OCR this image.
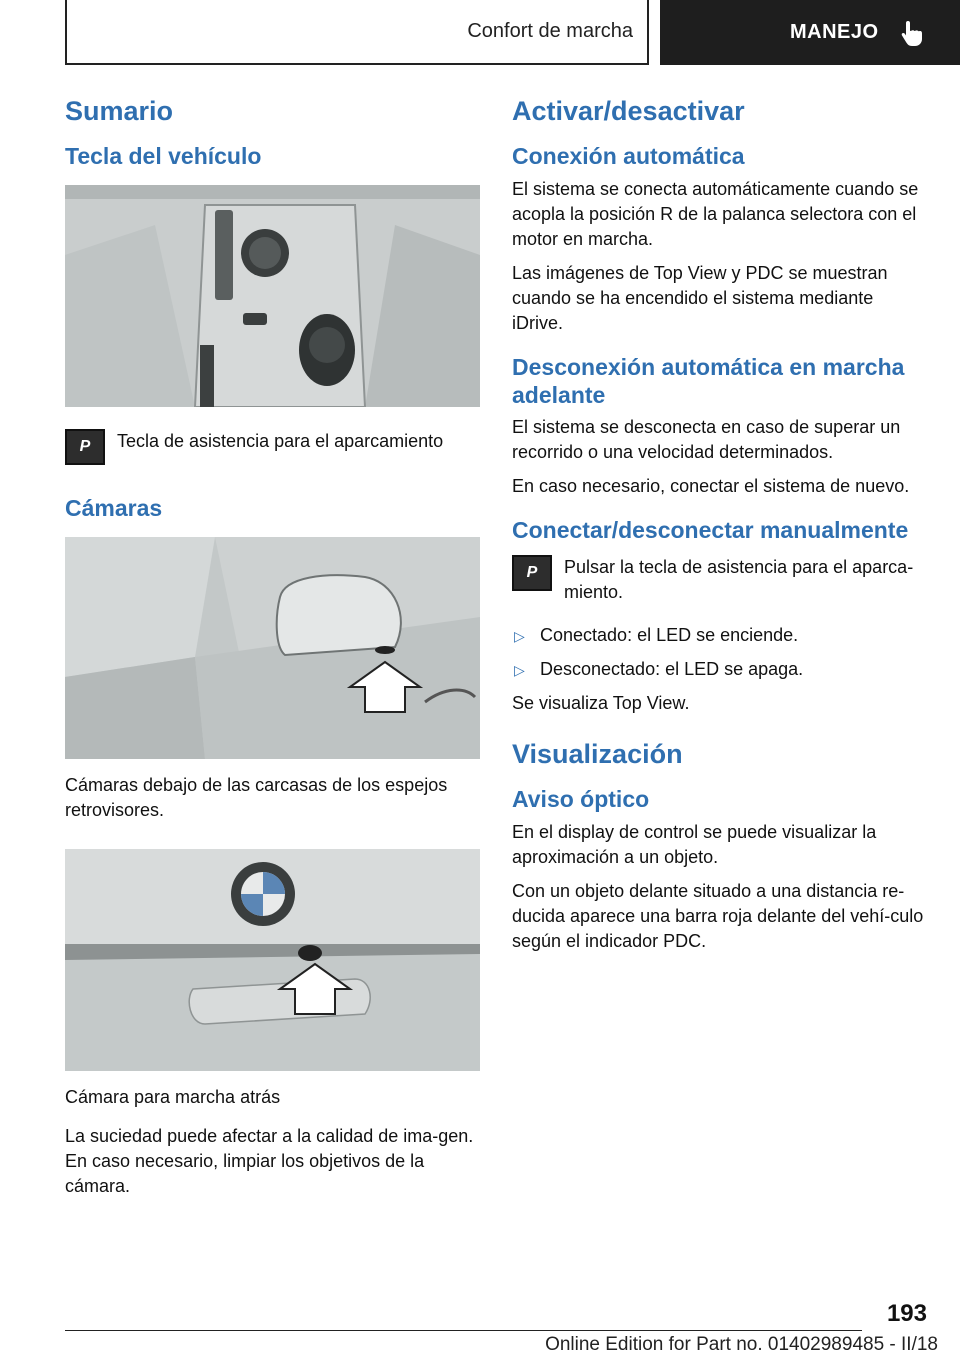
Confort de marcha	MANEJO
Sumario
Tecla del vehículo
P Tecla de asistencia para el aparcamiento
Cámaras

Cámaras debajo de las carcasas de los espejos retrovisores.

Cámara para marcha atrás

La suciedad puede afectar a la calidad de ima-gen. En caso necesario, limpiar los objetivos de la cámara.

Activar/desactivar
Conexión automática

El sistema se conecta automáticamente cuando se acopla la posición R de la palanca selectora con el motor en marcha.

Las imágenes de Top View y PDC se muestran cuando se ha encendido el sistema mediante iDrive.

Desconexión automática en marcha adelante

El sistema se desconecta en caso de superar un recorrido o una velocidad determinados.

En caso necesario, conectar el sistema de nuevo.

Conectar/desconectar manualmente
P Pulsar la tecla de asistencia para el aparca-miento.
▷ Conectado: el LED se enciende.
▷ Desconectado: el LED se apaga.

Se visualiza Top View.

Visualización
Aviso óptico

En el display de control se puede visualizar la aproximación a un objeto.

Con un objeto delante situado a una distancia re-ducida aparece una barra roja delante del vehí-culo según el indicador PDC.

193
Online Edition for Part no. 01402989485 - II/18
